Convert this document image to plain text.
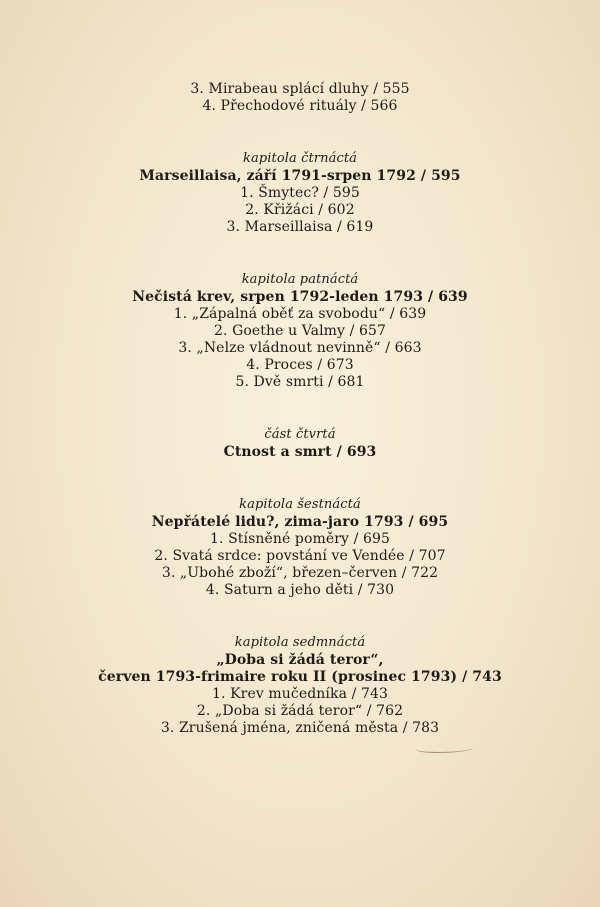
3. Mirabeau splácí dluhy / 555
4. Přechodové rituály / 566
kapitola čtrnáctá
Marseillaisa, září 1791-srpen 1792 / 595
1. Šmytec? / 595
2. Křižáci / 602
3. Marseillaisa / 619
kapitola patnáctá
Nečistá krev, srpen 1792-leden 1793 / 639
1. „Zápalná oběť za svobodu“ / 639
2. Goethe u Valmy / 657
3. „Nelze vládnout nevinně“ / 663
4. Proces / 673
5. Dvě smrti / 681
část čtvrtá
Ctnost a smrt / 693
kapitola šestnáctá
Nepřátelé lidu?, zima-jaro 1793 / 695
1. Stísněné poměry / 695
2. Svatá srdce: povstání ve Vendée / 707
3. „Ubohé zboží“, březen–červen / 722
4. Saturn a jeho děti / 730
kapitola sedmnáctá
„Doba si žádá teror“,
červen 1793-frimaire roku II (prosinec 1793) / 743
1. Krev mučedníka / 743
2. „Doba si žádá teror“ / 762
3. Zrušená jména, zničená města / 783
